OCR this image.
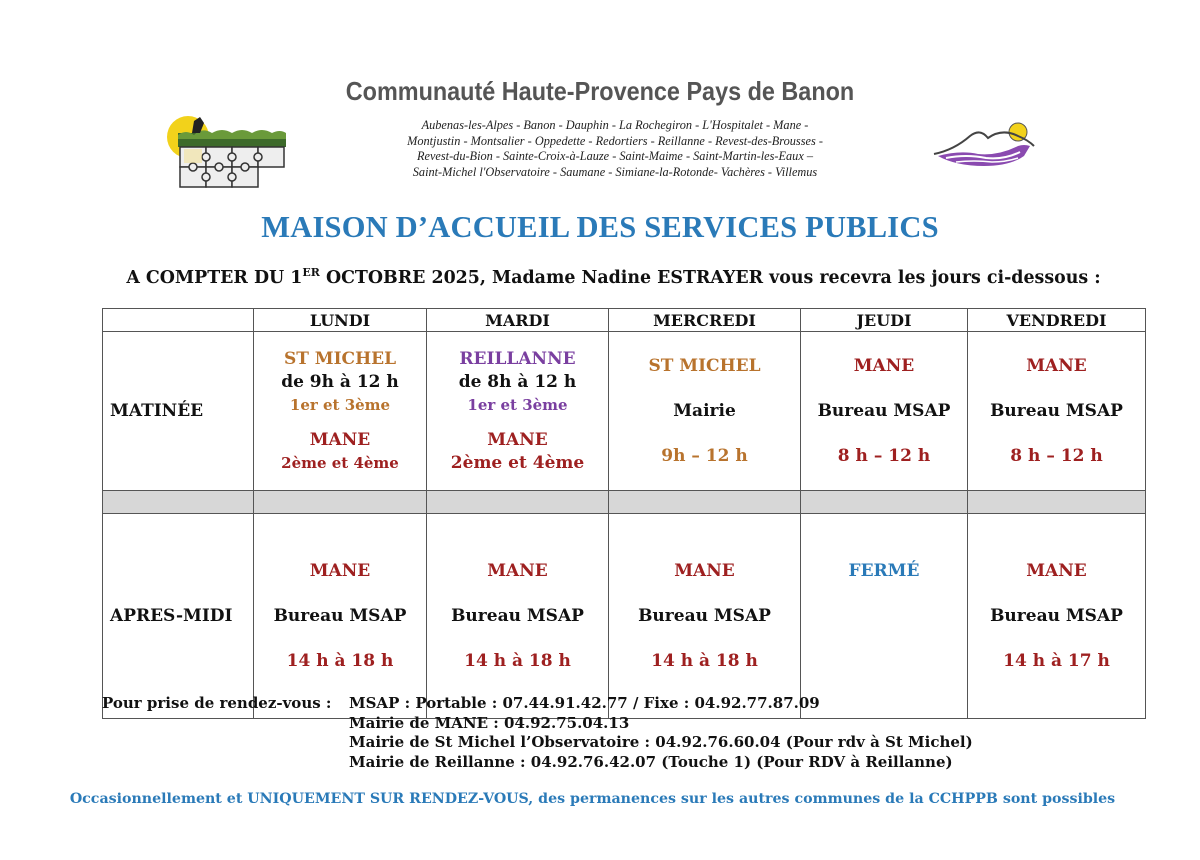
Communauté Haute-Provence Pays de Banon
Aubenas-les-Alpes - Banon - Dauphin - La Rochegiron - L'Hospitalet - Mane -
Montjustin - Montsalier - Oppedette - Redortiers - Reillanne - Revest-des-Brousses -
Revest-du-Bion - Sainte-Croix-à-Lauze - Saint-Maime - Saint-Martin-les-Eaux –
Saint-Michel l'Observatoire - Saumane - Simiane-la-Rotonde- Vachères - Villemus
MAISON D’ACCUEIL DES SERVICES PUBLICS
A COMPTER DU 1ER OCTOBRE 2025, Madame Nadine ESTRAYER vous recevra les jours ci-dessous :
	LUNDI	MARDI	MERCREDI	JEUDI	VENDREDI
MATINÉE	ST MICHEL
de 9h à 12 h
1er et 3ème
MANE
2ème et 4ème	REILLANNE
de 8h à 12 h
1er et 3ème
MANE
2ème et 4ème	ST MICHEL
Mairie
9h – 12 h	MANE
Bureau MSAP
8 h – 12 h	MANE
Bureau MSAP
8 h – 12 h

APRES-MIDI	MANE
Bureau MSAP
14 h à 18 h	MANE
Bureau MSAP
14 h à 18 h	MANE
Bureau MSAP
14 h à 18 h	FERMÉ	MANE
Bureau MSAP
14 h à 17 h
Pour prise de rendez-vous : MSAP : Portable : 07.44.91.42.77 / Fixe : 04.92.77.87.09
Mairie de MANE : 04.92.75.04.13
Mairie de St Michel l’Observatoire : 04.92.76.60.04 (Pour rdv à St Michel)
Mairie de Reillanne : 04.92.76.42.07 (Touche 1) (Pour RDV à Reillanne)
Occasionnellement et UNIQUEMENT SUR RENDEZ-VOUS, des permanences sur les autres communes de la CCHPPB sont possibles
